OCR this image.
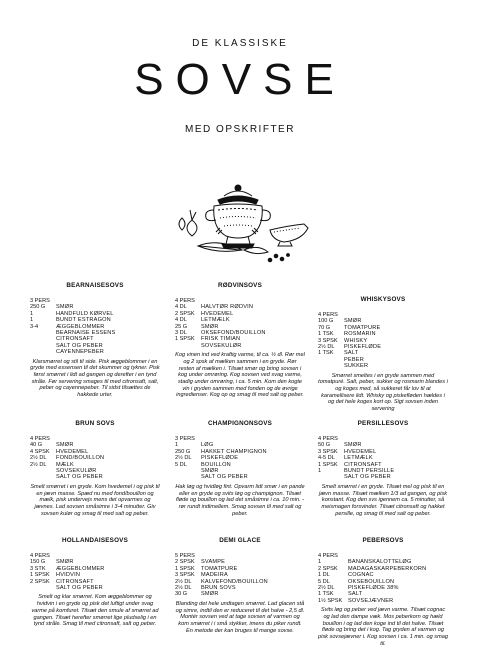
DE KLASSISKE
SOVSE
MED OPSKRIFTER
BEARNAISESOVS
3 PERS
250 G	SMØR
1	HÅNDFULD KØRVEL
1	BUNDT ESTRAGON
3-4	ÆGGEBLOMMER
BEARNAISE ESSENS
CITRONSAFT
SALT OG PEBER
CAYENNEPEBER
Klarsmørret og stil til side. Pisk æggeblommer i en gryde med essensen til det skummer og tykner. Pisk først smørret i lidt ad gangen og derefter i en tynd stråle. Før servering smages til med citronsaft, salt, peber og cayennepeber. Til sidst tilsættes de hakkede urter.
RØDVINSOVS
4 PERS
4 DL	HALVTØR RØDVIN
2 SPSK	HVEDEMEL
4 DL	LETMÆLK
25 G	SMØR
3 DL	OKSEFOND/BOUILLON
1 SPSK	FRISK TIMIAN
SOVSEKULØR
Kog vinen ind ved kraftig varme, til ca. ½ dl. Rør mel og 2 spsk af mælken sammen i en gryde. Rør resten af mælken i. Tilsæt smør og bring sovsen i kog under omrøring. Kog sovsen ved svag varme, stadig under omrøring, i ca. 5 min. Kom den kogte vin i gryden sammen med fonden og de øvrige ingredienser. Kog op og smag til med salt og peber.
WHISKYSOVS
4 PERS
100 G	SMØR
70 G	TOMATPURÉ
1 TSK	ROSMARIN
3 SPSK	WHISKY
2½ DL	PISKEFLØDE
1 TSK	SALT
PEBER
SUKKER
Smørret smeltes i en gryde sammen med tomatpuré. Salt, peber, sukker og rosmarin blandes i og koges med, så sukkeret får lov til at karamellisere lidt. Whisky og piskefløden hældes i og det hele koges kort op. Sigt sovsen inden servering
BRUN SOVS
4 PERS
40 G	SMØR
4 SPSK	HVEDEMEL
2½ DL	FOND/BOUILLON
2½ DL	MÆLK
SOVSEKULØR
SALT OG PEBER
Smelt smørret i en gryde. Kom hvedemel i og pisk til en jævn masse. Spæd nu med fond/bouillon og mælk, pisk undervejs mens det opvarmes og jævnes. Lad sovsen småsimre i 3-4 minutter. Giv sovsen kulør og smag til med salt og peber.
CHAMPIGNONSOVS
3 PERS
1	LØG
250 G	HAKKET CHAMPIGNON
2½ DL	PISKEFLØDE
5 DL	BOUILLON
SMØR
SALT OG PEBER
Hak løg og hvidløg fint. Opvarm lidt smør i en pande eller en gryde og svits løg og champignon. Tilsæt fløde og bouillon og lad det småsimre i ca. 10 min. - rør rundt indimellem. Smag sovsen til med salt og peber.
PERSILLESOVS
4 PERS
50 G	SMØR
3 SPSK	HVEDEMEL
4-5 DL	LETMÆLK
1 SPSK	CITRONSAFT
1	BUNDT PERSILLE
SALT OG PEBER
Smelt smørret i en gryde. Tilsæt mel og pisk til en jævn masse. Tilsæt mælken 1/3 ad gangen, og pisk konstant. Kog den svs igennem ca. 5 minutter, så meismagen forsvinder. Tilsæt citronsaft og hakket persille, og smag til med salt og peber.
HOLLANDAISESOVS
4 PERS
150 G	SMØR
3 STK	ÆGGEBLOMMER
1 SPSK	HVIDVIN
2 SPSK	CITRONSAFT
SALT OG PEBER
Smelt og klar smørret. Kom æggeblommer og hvidvin i en gryde og pisk det luftigt under svag varme på komfuret. Tilsæt den smule af smørret ad gangen. Tilsæt herefter smørret lige pludselig i en tynd stråle. Smag til med citronsaft, salt og peber.
DEMI GLACE
5 PERS
2 SPSK	SVAMPE
1 SPSK	TOMATPURÉ
3 SPSK	MADEIRA
2½ DL	KALVEFOND/BOUILLON
2½ DL	BRUN SOVS
30 G	SMØR
Blanding det hele undtagen smørret. Lad glacen stå og simre, indtil den er reduceret til det halve - 2,5 dl. Montér sovsen ved at tage sovsen af varmen og kom smørret i i små stykker, imens du piker rundt. En metode der kan bruges til mange sovse.
PEBERSOVS
4 PERS
1	BANANSKALOTTELØG
2 SPSK	MADAGASKARPEBERKORN
1 DL	COGNAC
5 DL	OKSEBOUILLON
2½ DL	PISKEFLØDE 38%
1 TSK	SALT
1½ SPSK	SOVSEJÆVNER
Svits løg og peber ved jævn varme. Tilsæt cognac og lad den dampe væk. Mos peberkorn og hæld bouillon i og lad den koge ind til det halve. Tilsæt fløde og bring det i kog. Tag gryden af varmen og pisk sovsejævner i. Kog sovsen i ca. 1 min. og smag til.
